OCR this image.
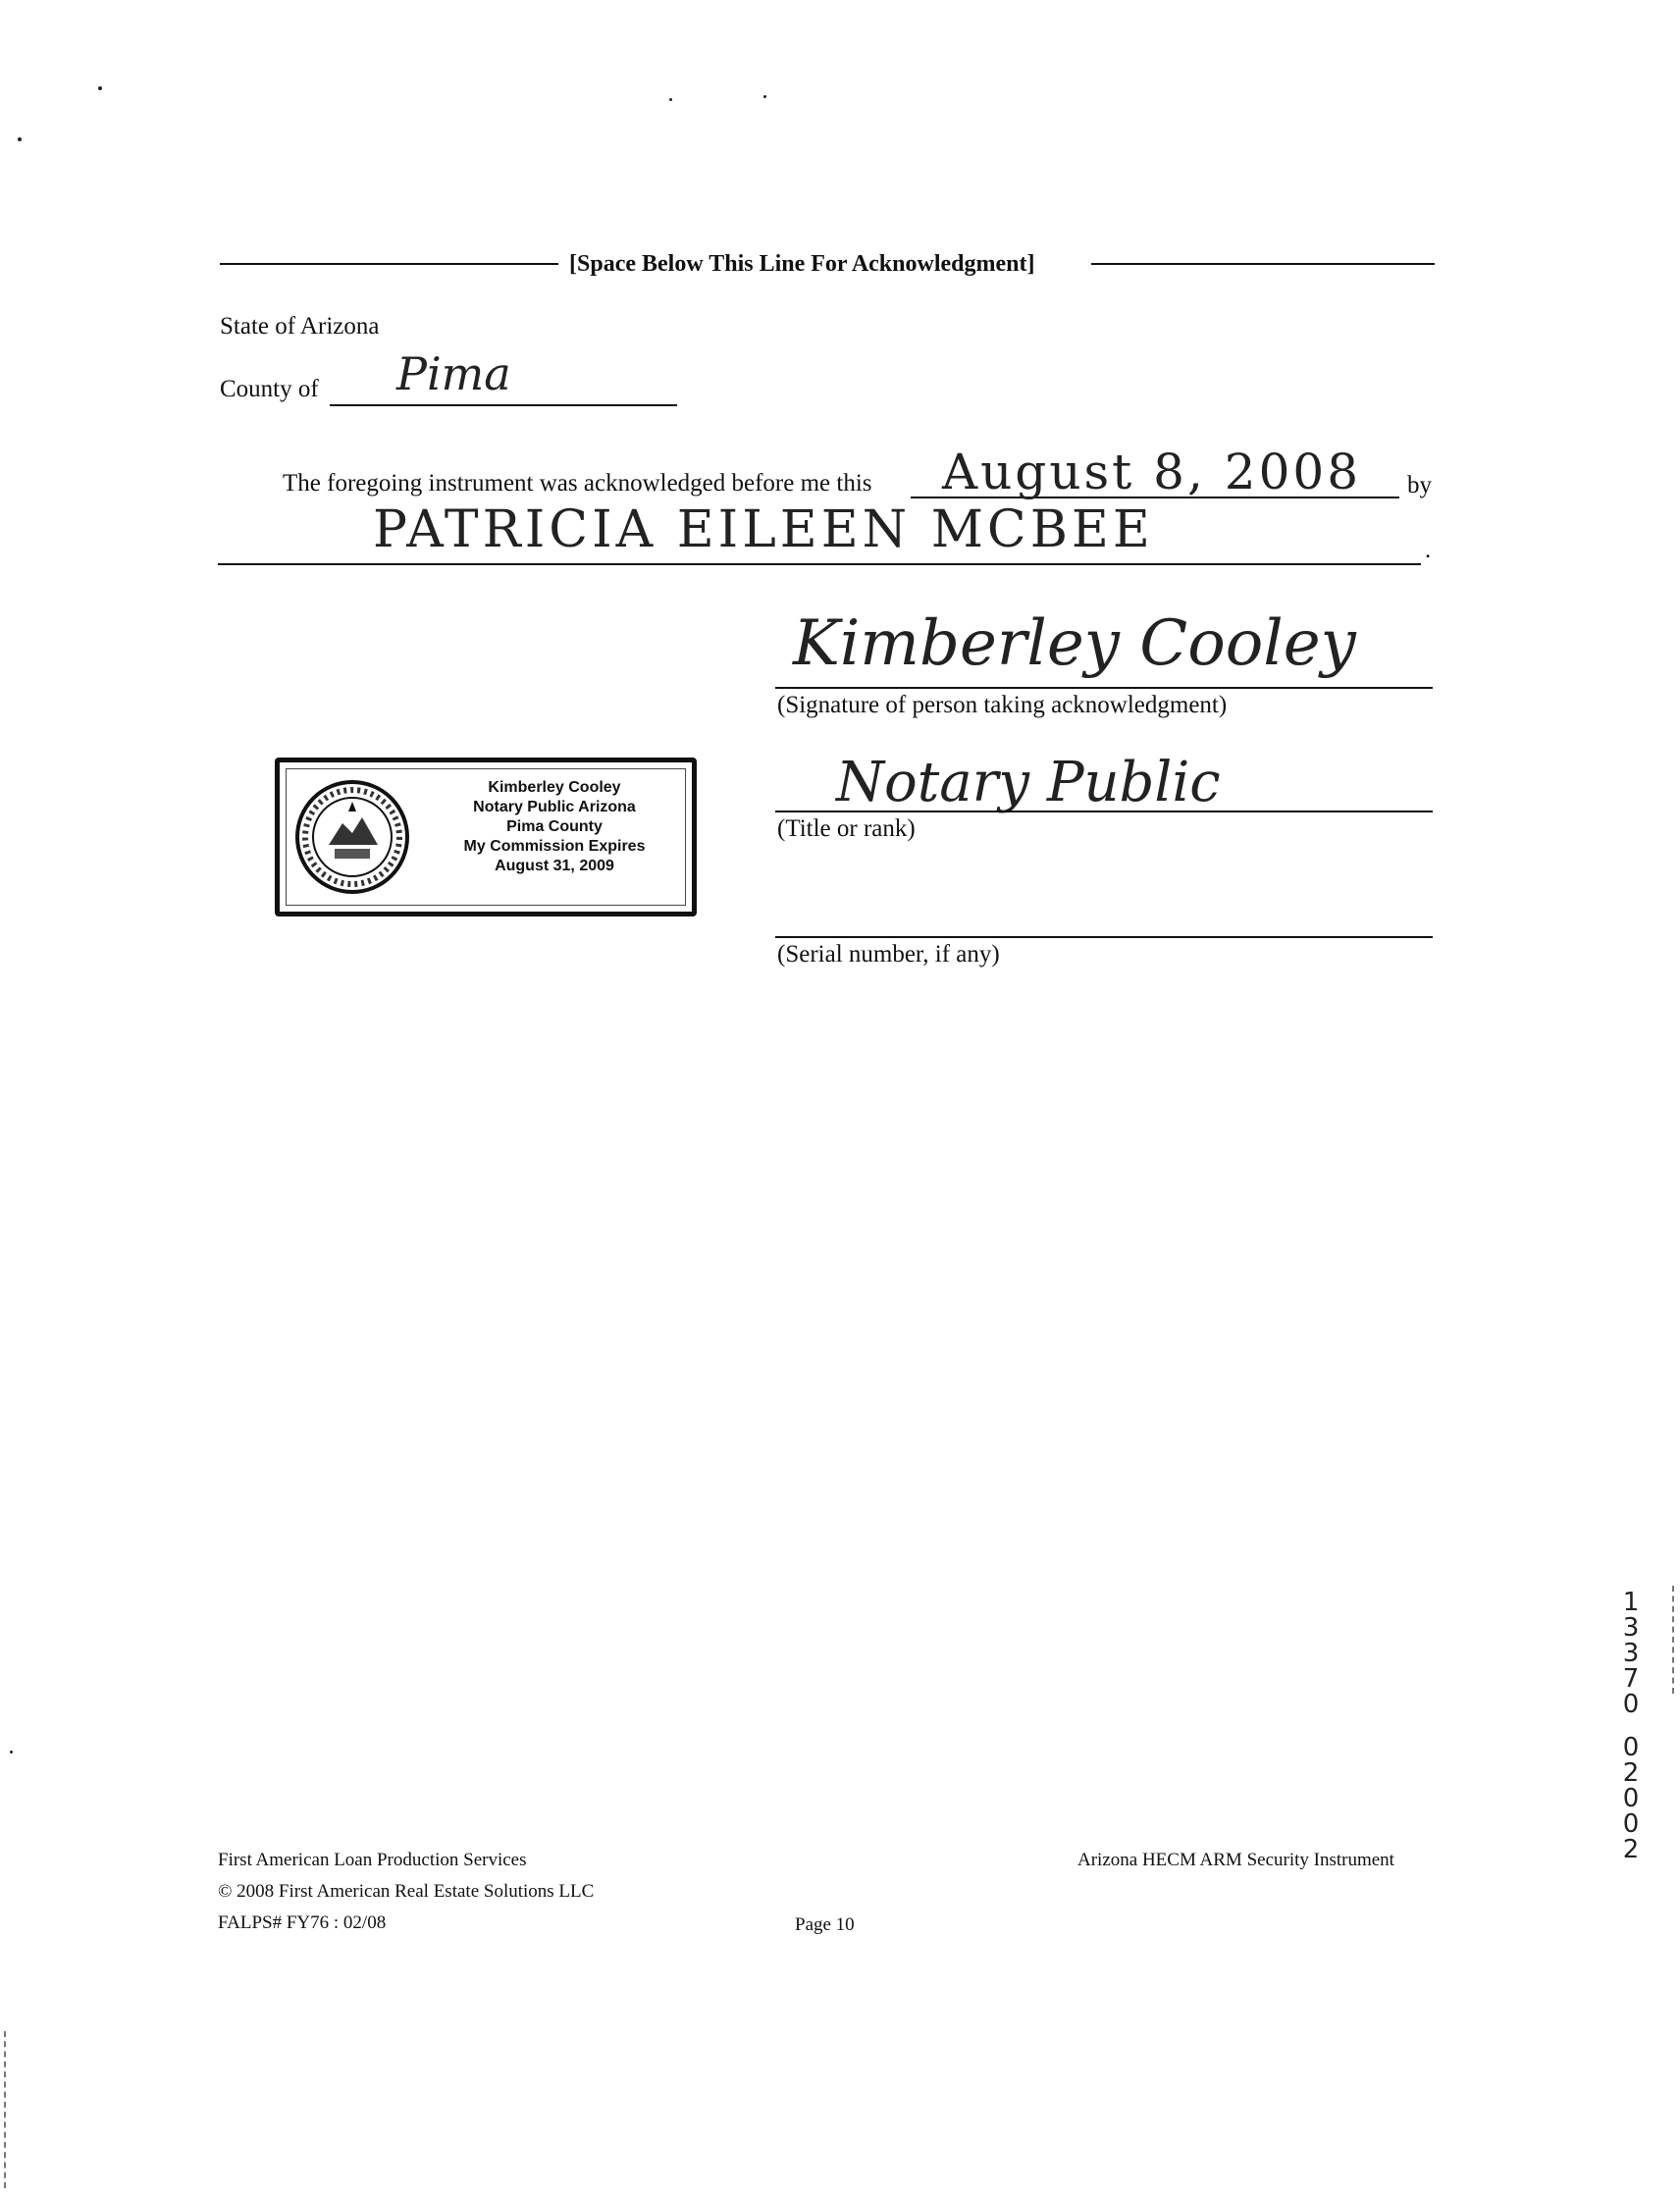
[Space Below This Line For Acknowledgment]
State of Arizona
County of Pima
The foregoing instrument was acknowledged before me this August 8, 2008 by
PATRICIA EILEEN MCBEE	.
Kimberley Cooley
(Signature of person taking acknowledgment)
Notary Public
(Title or rank)
(Serial number, if any)
Kimberley Cooley
Notary Public Arizona
Pima County
My Commission Expires
August 31, 2009
1
3
3
7
0
0
2
0
0
2
First American Loan Production Services
© 2008 First American Real Estate Solutions LLC
FALPS# FY76 : 02/08	Page 10
Arizona HECM ARM Security Instrument
